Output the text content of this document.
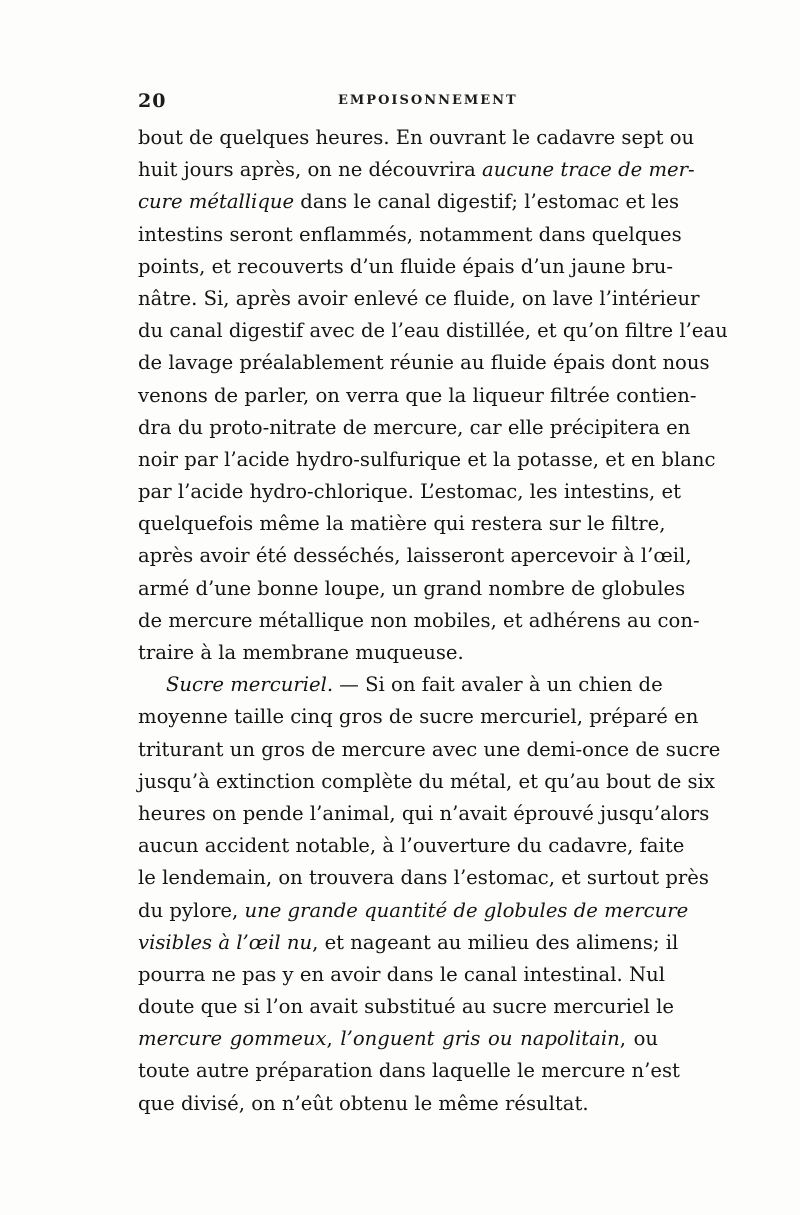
20	EMPOISONNEMENT
bout de quelques heures. En ouvrant le cadavre sept ou
huit jours après, on ne découvrira aucune trace de mer-
cure métallique dans le canal digestif; l’estomac et les
intestins seront enflammés, notamment dans quelques
points, et recouverts d’un fluide épais d’un jaune bru-
nâtre. Si, après avoir enlevé ce fluide, on lave l’intérieur
du canal digestif avec de l’eau distillée, et qu’on filtre l’eau
de lavage préalablement réunie au fluide épais dont nous
venons de parler, on verra que la liqueur filtrée contien-
dra du proto-nitrate de mercure, car elle précipitera en
noir par l’acide hydro-sulfurique et la potasse, et en blanc
par l’acide hydro-chlorique. L’estomac, les intestins, et
quelquefois même la matière qui restera sur le filtre,
après avoir été desséchés, laisseront apercevoir à l’œil,
armé d’une bonne loupe, un grand nombre de globules
de mercure métallique non mobiles, et adhérens au con-
traire à la membrane muqueuse.
Sucre mercuriel. — Si on fait avaler à un chien de
moyenne taille cinq gros de sucre mercuriel, préparé en
triturant un gros de mercure avec une demi-once de sucre
jusqu’à extinction complète du métal, et qu’au bout de six
heures on pende l’animal, qui n’avait éprouvé jusqu’alors
aucun accident notable, à l’ouverture du cadavre, faite
le lendemain, on trouvera dans l’estomac, et surtout près
du pylore, une grande quantité de globules de mercure
visibles à l’œil nu, et nageant au milieu des alimens; il
pourra ne pas y en avoir dans le canal intestinal. Nul
doute que si l’on avait substitué au sucre mercuriel le
mercure gommeux, l’onguent gris ou napolitain, ou
toute autre préparation dans laquelle le mercure n’est
que divisé, on n’eût obtenu le même résultat.
